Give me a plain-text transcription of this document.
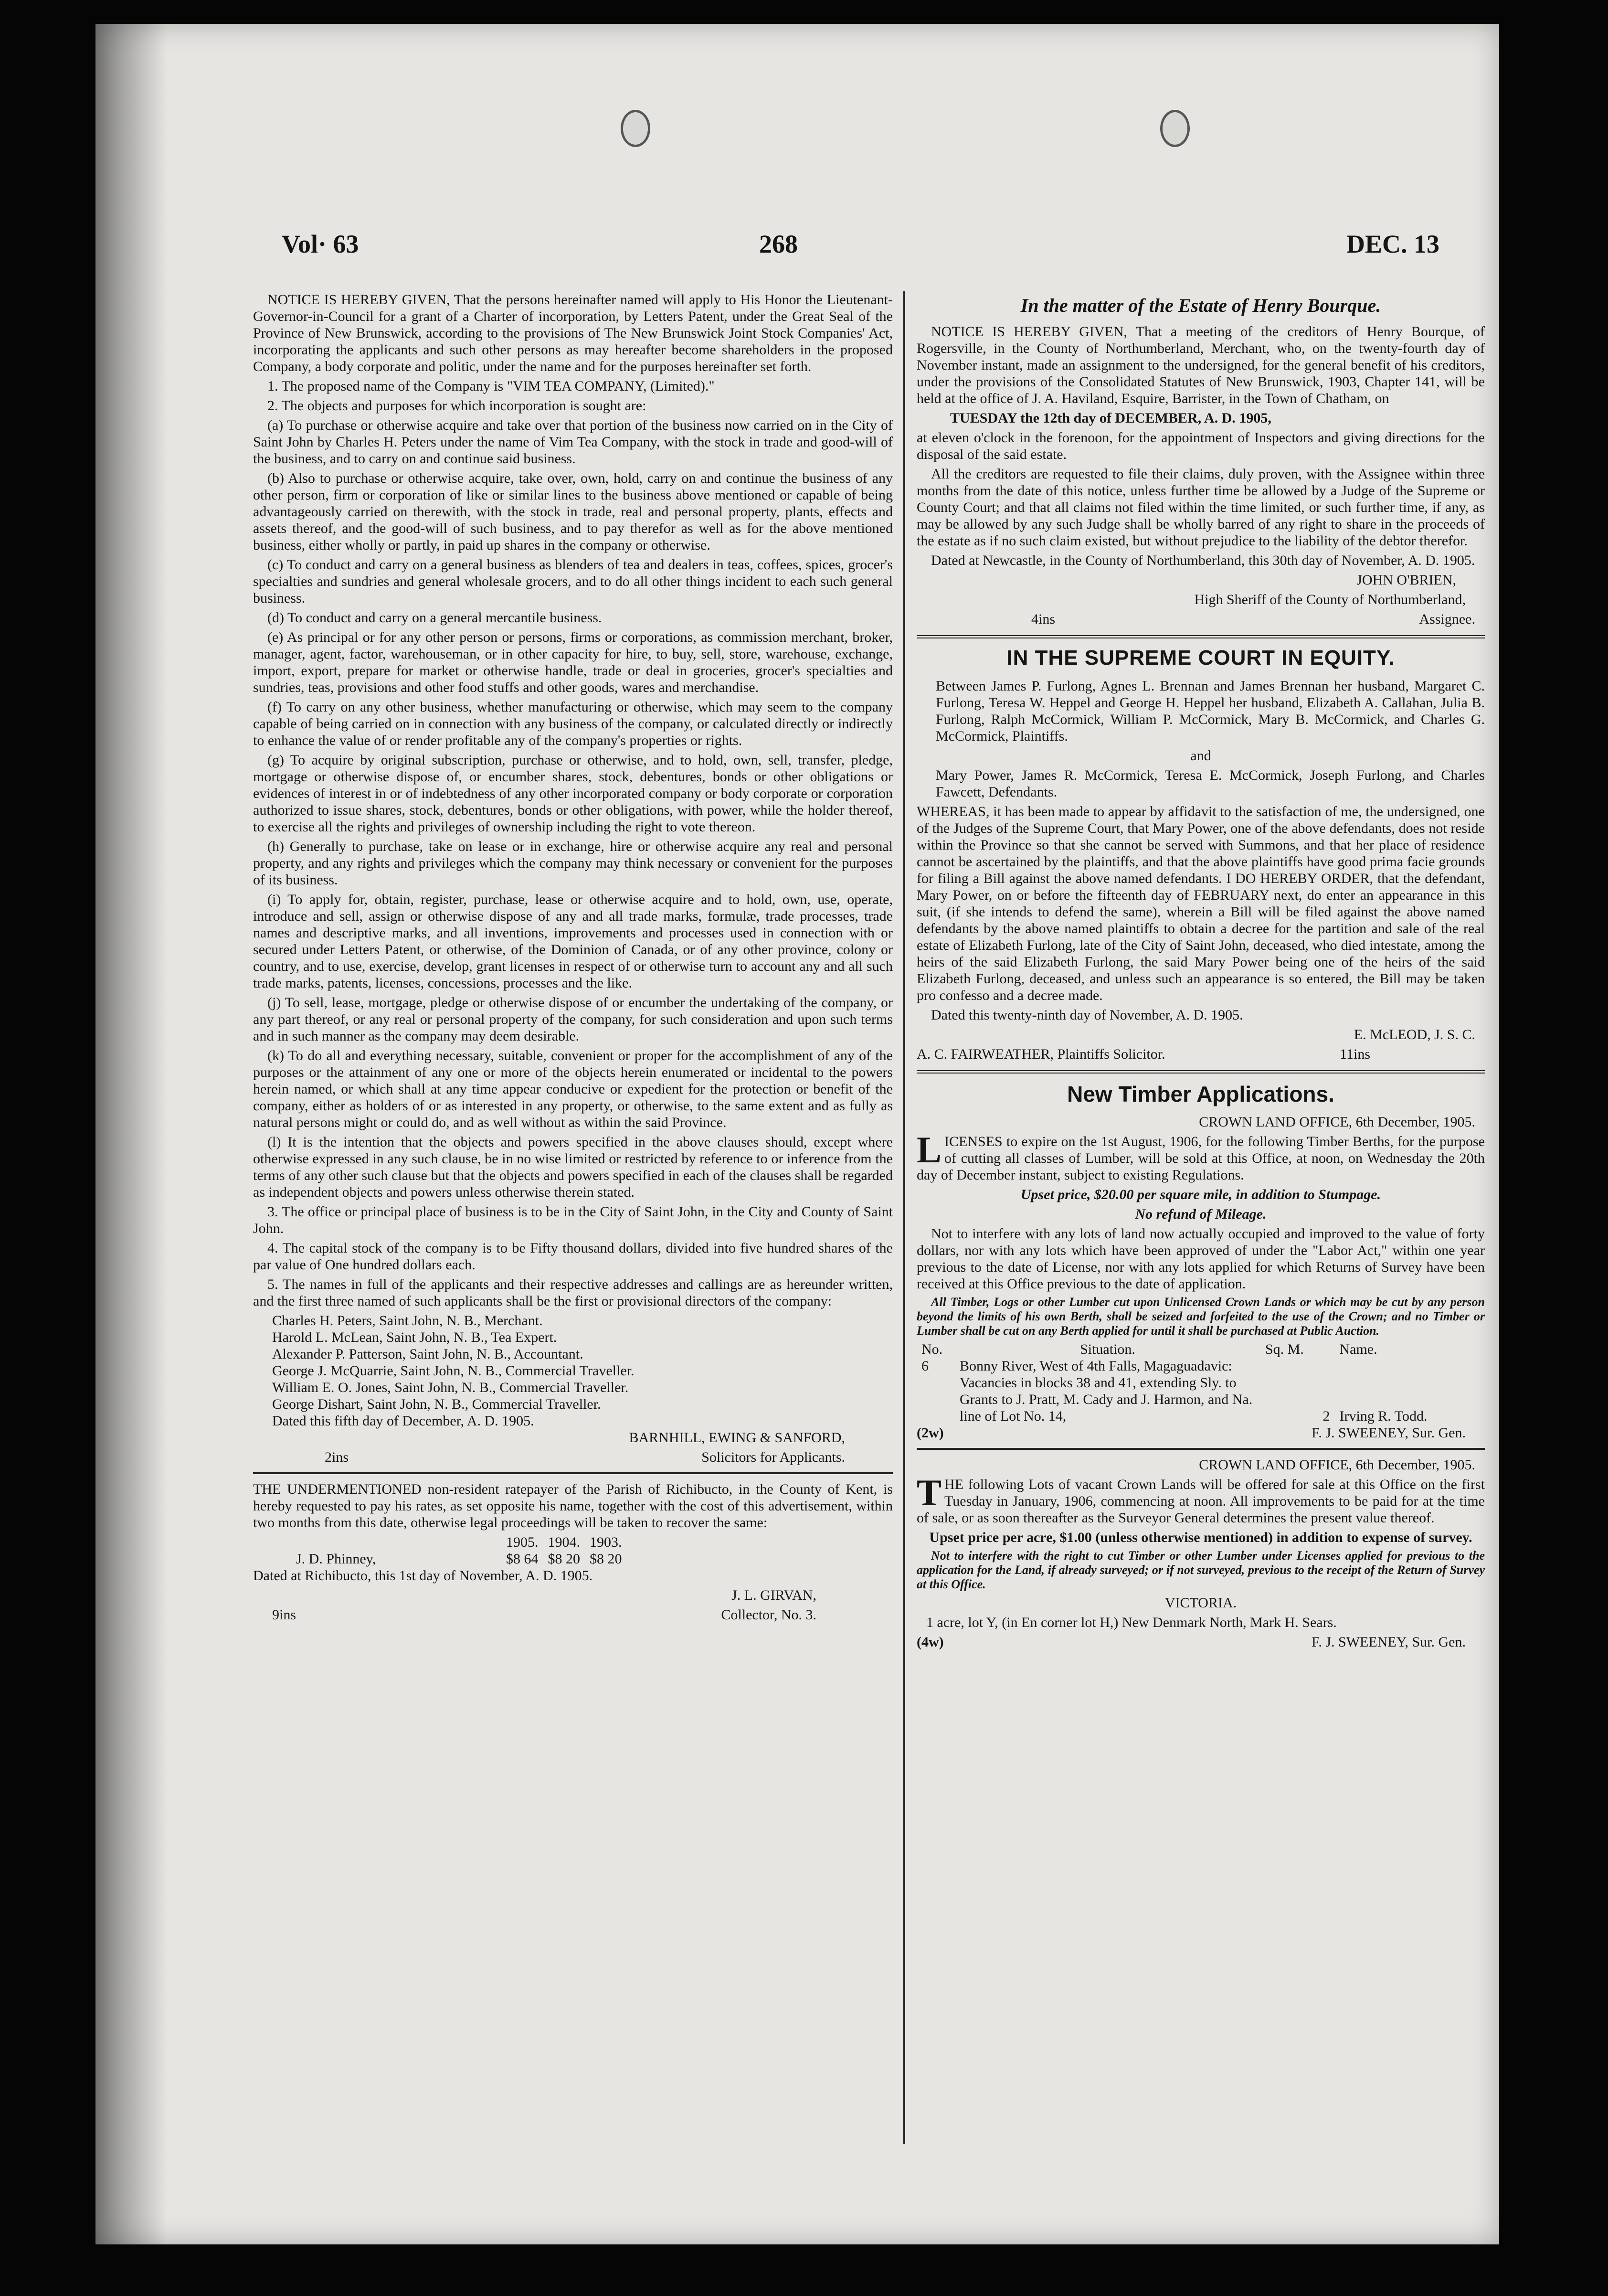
Vol· 63	268	DEC. 13

NOTICE IS HEREBY GIVEN, That the persons hereinafter named will apply to His Honor the Lieutenant-Governor-in-Council for a grant of a Charter of incorporation, by Letters Patent, under the Great Seal of the Province of New Brunswick, according to the provisions of The New Brunswick Joint Stock Companies' Act, incorporating the applicants and such other persons as may hereafter become shareholders in the proposed Company, a body corporate and politic, under the name and for the purposes hereinafter set forth.

1. The proposed name of the Company is "VIM TEA COMPANY, (Limited)."

2. The objects and purposes for which incorporation is sought are:

(a) To purchase or otherwise acquire and take over that portion of the business now carried on in the City of Saint John by Charles H. Peters under the name of Vim Tea Company, with the stock in trade and good-will of the business, and to carry on and continue said business.

(b) Also to purchase or otherwise acquire, take over, own, hold, carry on and continue the business of any other person, firm or corporation of like or similar lines to the business above mentioned or capable of being advantageously carried on therewith, with the stock in trade, real and personal property, plants, effects and assets thereof, and the good-will of such business, and to pay therefor as well as for the above mentioned business, either wholly or partly, in paid up shares in the company or otherwise.

(c) To conduct and carry on a general business as blenders of tea and dealers in teas, coffees, spices, grocer's specialties and sundries and general wholesale grocers, and to do all other things incident to each such general business.

(d) To conduct and carry on a general mercantile business.

(e) As principal or for any other person or persons, firms or corporations, as commission merchant, broker, manager, agent, factor, warehouseman, or in other capacity for hire, to buy, sell, store, warehouse, exchange, import, export, prepare for market or otherwise handle, trade or deal in groceries, grocer's specialties and sundries, teas, provisions and other food stuffs and other goods, wares and merchandise.

(f) To carry on any other business, whether manufacturing or otherwise, which may seem to the company capable of being carried on in connection with any business of the company, or calculated directly or indirectly to enhance the value of or render profitable any of the company's properties or rights.

(g) To acquire by original subscription, purchase or otherwise, and to hold, own, sell, transfer, pledge, mortgage or otherwise dispose of, or encumber shares, stock, debentures, bonds or other obligations or evidences of interest in or of indebtedness of any other incorporated company or body corporate or corporation authorized to issue shares, stock, debentures, bonds or other obligations, with power, while the holder thereof, to exercise all the rights and privileges of ownership including the right to vote thereon.

(h) Generally to purchase, take on lease or in exchange, hire or otherwise acquire any real and personal property, and any rights and privileges which the company may think necessary or convenient for the purposes of its business.

(i) To apply for, obtain, register, purchase, lease or otherwise acquire and to hold, own, use, operate, introduce and sell, assign or otherwise dispose of any and all trade marks, formulæ, trade processes, trade names and descriptive marks, and all inventions, improvements and processes used in connection with or secured under Letters Patent, or otherwise, of the Dominion of Canada, or of any other province, colony or country, and to use, exercise, develop, grant licenses in respect of or otherwise turn to account any and all such trade marks, patents, licenses, concessions, processes and the like.

(j) To sell, lease, mortgage, pledge or otherwise dispose of or encumber the undertaking of the company, or any part thereof, or any real or personal property of the company, for such consideration and upon such terms and in such manner as the company may deem desirable.

(k) To do all and everything necessary, suitable, convenient or proper for the accomplishment of any of the purposes or the attainment of any one or more of the objects herein enumerated or incidental to the powers herein named, or which shall at any time appear conducive or expedient for the protection or benefit of the company, either as holders of or as interested in any property, or otherwise, to the same extent and as fully as natural persons might or could do, and as well without as within the said Province.

(l) It is the intention that the objects and powers specified in the above clauses should, except where otherwise expressed in any such clause, be in no wise limited or restricted by reference to or inference from the terms of any other such clause but that the objects and powers specified in each of the clauses shall be regarded as independent objects and powers unless otherwise therein stated.

3. The office or principal place of business is to be in the City of Saint John, in the City and County of Saint John.

4. The capital stock of the company is to be Fifty thousand dollars, divided into five hundred shares of the par value of One hundred dollars each.

5. The names in full of the applicants and their respective addresses and callings are as hereunder written, and the first three named of such applicants shall be the first or provisional directors of the company:

Charles H. Peters, Saint John, N. B., Merchant.

Harold L. McLean, Saint John, N. B., Tea Expert.

Alexander P. Patterson, Saint John, N. B., Accountant.

George J. McQuarrie, Saint John, N. B., Commercial Traveller.

William E. O. Jones, Saint John, N. B., Commercial Traveller.

George Dishart, Saint John, N. B., Commercial Traveller.

Dated this fifth day of December, A. D. 1905.

BARNHILL, EWING & SANFORD,

2ins	Solicitors for Applicants.

THE UNDERMENTIONED non-resident ratepayer of the Parish of Richibucto, in the County of Kent, is hereby requested to pay his rates, as set opposite his name, together with the cost of this advertisement, within two months from this date, otherwise legal proceedings will be taken to recover the same:

	1905.	1904.	1903.
J. D. Phinney,	$8 64	$8 20	$8 20

Dated at Richibucto, this 1st day of November, A. D. 1905.

J. L. GIRVAN,

9ins	Collector, No. 3.
In the matter of the Estate of Henry Bourque.

NOTICE IS HEREBY GIVEN, That a meeting of the creditors of Henry Bourque, of Rogersville, in the County of Northumberland, Merchant, who, on the twenty-fourth day of November instant, made an assignment to the undersigned, for the general benefit of his creditors, under the provisions of the Consolidated Statutes of New Brunswick, 1903, Chapter 141, will be held at the office of J. A. Haviland, Esquire, Barrister, in the Town of Chatham, on

TUESDAY the 12th day of DECEMBER, A. D. 1905,

at eleven o'clock in the forenoon, for the appointment of Inspectors and giving directions for the disposal of the said estate.

All the creditors are requested to file their claims, duly proven, with the Assignee within three months from the date of this notice, unless further time be allowed by a Judge of the Supreme or County Court; and that all claims not filed within the time limited, or such further time, if any, as may be allowed by any such Judge shall be wholly barred of any right to share in the proceeds of the estate as if no such claim existed, but without prejudice to the liability of the debtor therefor.

Dated at Newcastle, in the County of Northumberland, this 30th day of November, A. D. 1905.

JOHN O'BRIEN,

High Sheriff of the County of Northumberland,

4ins	Assignee.
IN THE SUPREME COURT IN EQUITY.

Between James P. Furlong, Agnes L. Brennan and James Brennan her husband, Margaret C. Furlong, Teresa W. Heppel and George H. Heppel her husband, Elizabeth A. Callahan, Julia B. Furlong, Ralph McCormick, William P. McCormick, Mary B. McCormick, and Charles G. McCormick, Plaintiffs.

and

Mary Power, James R. McCormick, Teresa E. McCormick, Joseph Furlong, and Charles Fawcett, Defendants.

WHEREAS, it has been made to appear by affidavit to the satisfaction of me, the undersigned, one of the Judges of the Supreme Court, that Mary Power, one of the above defendants, does not reside within the Province so that she cannot be served with Summons, and that her place of residence cannot be ascertained by the plaintiffs, and that the above plaintiffs have good prima facie grounds for filing a Bill against the above named defendants. I DO HEREBY ORDER, that the defendant, Mary Power, on or before the fifteenth day of FEBRUARY next, do enter an appearance in this suit, (if she intends to defend the same), wherein a Bill will be filed against the above named defendants by the above named plaintiffs to obtain a decree for the partition and sale of the real estate of Elizabeth Furlong, late of the City of Saint John, deceased, who died intestate, among the heirs of the said Elizabeth Furlong, the said Mary Power being one of the heirs of the said Elizabeth Furlong, deceased, and unless such an appearance is so entered, the Bill may be taken pro confesso and a decree made.

Dated this twenty-ninth day of November, A. D. 1905.

E. McLEOD, J. S. C.

A. C. FAIRWEATHER, Plaintiffs Solicitor.	11ins
New Timber Applications.

CROWN LAND OFFICE, 6th December, 1905.

LICENSES to expire on the 1st August, 1906, for the following Timber Berths, for the purpose of cutting all classes of Lumber, will be sold at this Office, at noon, on Wednesday the 20th day of December instant, subject to existing Regulations.

Upset price, $20.00 per square mile, in addition to Stumpage.

No refund of Mileage.

Not to interfere with any lots of land now actually occupied and improved to the value of forty dollars, nor with any lots which have been approved of under the "Labor Act," within one year previous to the date of License, nor with any lots applied for which Returns of Survey have been received at this Office previous to the date of application.

All Timber, Logs or other Lumber cut upon Unlicensed Crown Lands or which may be cut by any person beyond the limits of his own Berth, shall be seized and forfeited to the use of the Crown; and no Timber or Lumber shall be cut on any Berth applied for until it shall be purchased at Public Auction.

No.	Situation.	Sq. M.	Name.
6	Bonny River, West of 4th Falls, Magaguadavic: Vacancies in blocks 38 and 41, extending Sly. to Grants to J. Pratt, M. Cady and J. Harmon, and Na. line of Lot No. 14,	2	Irving R. Todd.
(2w)	F. J. SWEENEY, Sur. Gen.

CROWN LAND OFFICE, 6th December, 1905.

THE following Lots of vacant Crown Lands will be offered for sale at this Office on the first Tuesday in January, 1906, commencing at noon. All improvements to be paid for at the time of sale, or as soon thereafter as the Surveyor General determines the present value thereof.

Upset price per acre, $1.00 (unless otherwise mentioned) in addition to expense of survey.

Not to interfere with the right to cut Timber or other Lumber under Licenses applied for previous to the application for the Land, if already surveyed; or if not surveyed, previous to the receipt of the Return of Survey at this Office.

VICTORIA.

1 acre, lot Y, (in En corner lot H,) New Denmark North, Mark H. Sears.

(4w)	F. J. SWEENEY, Sur. Gen.
